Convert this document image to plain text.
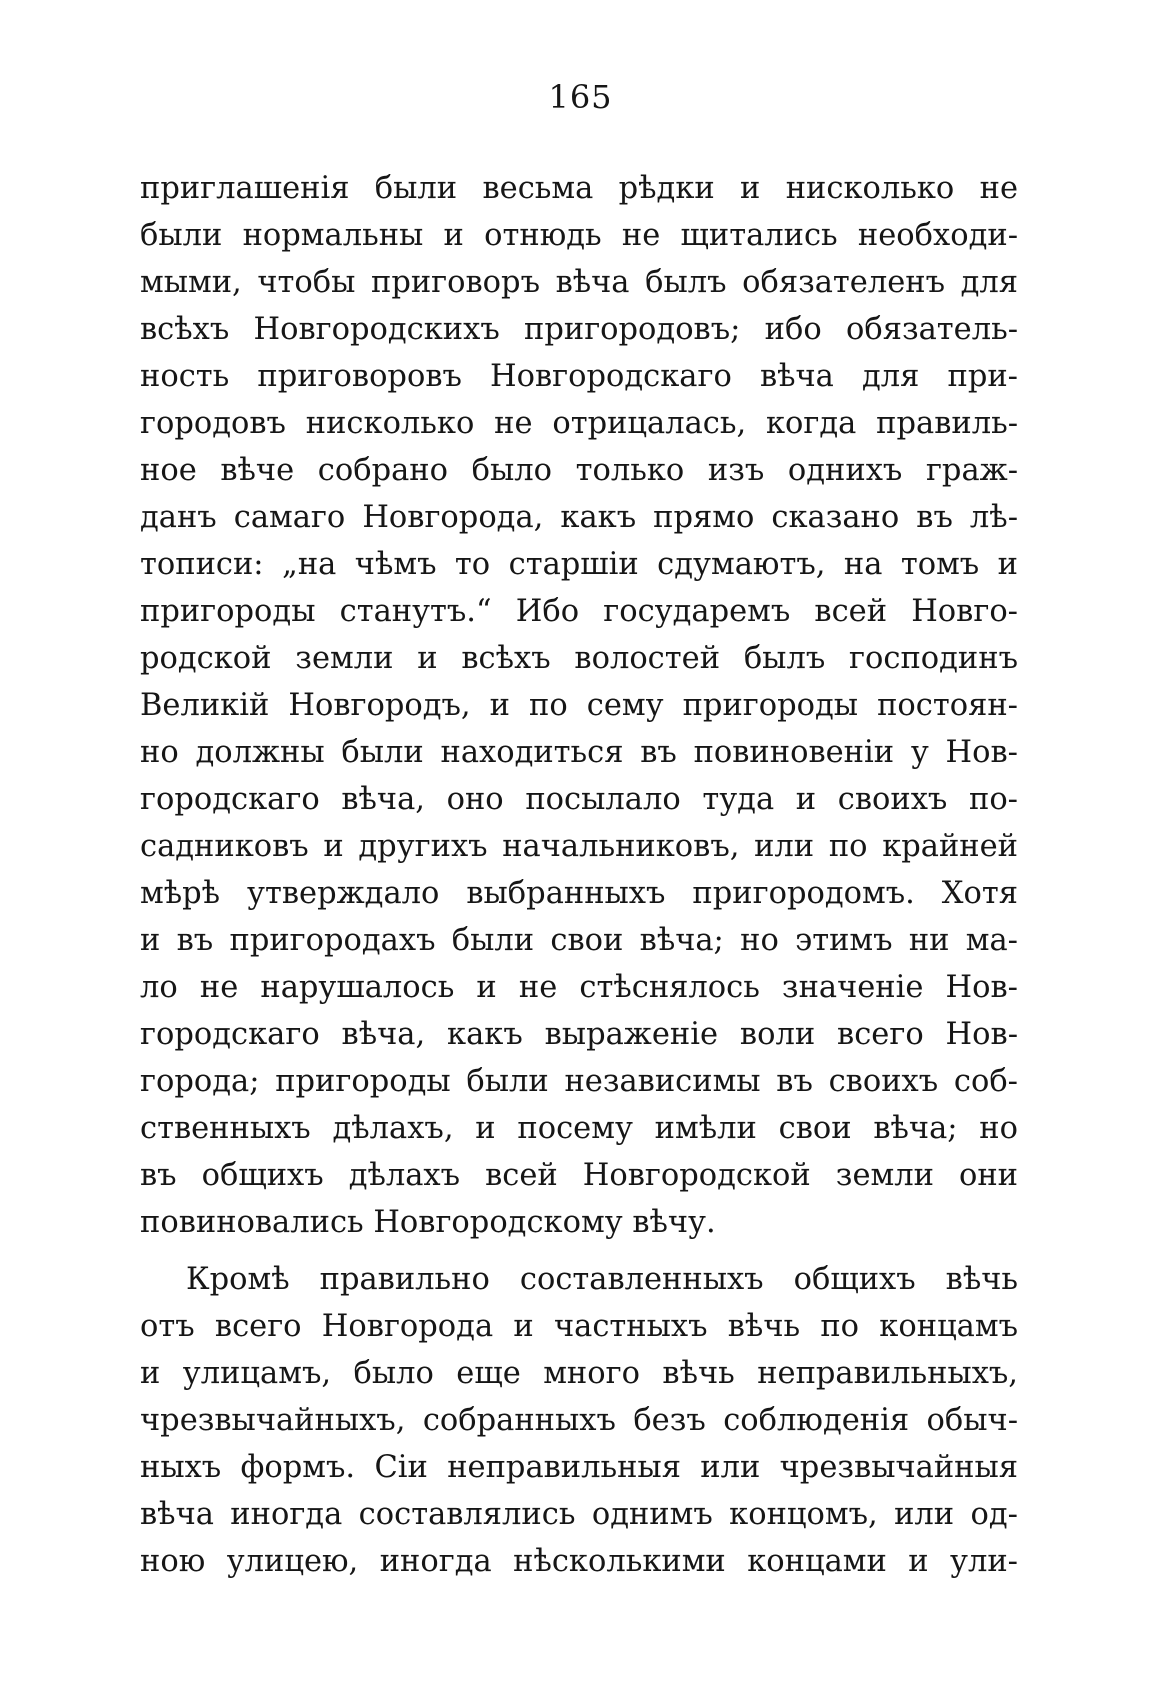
165
приглашенія были весьма рѣдки и нисколько не
были нормальны и отнюдь не щитались необходи-
мыми, чтобы приговоръ вѣча былъ обязателенъ для
всѣхъ Новгородскихъ пригородовъ; ибо обязатель-
ность приговоровъ Новгородскаго вѣча для при-
городовъ нисколько не отрицалась, когда правиль-
ное вѣче собрано было только изъ однихъ граж-
данъ самаго Новгорода, какъ прямо сказано въ лѣ-
тописи: „на чѣмъ то старшіи сдумаютъ, на томъ и
пригороды станутъ.“ Ибо государемъ всей Новго-
родской земли и всѣхъ волостей былъ господинъ
Великій Новгородъ, и по сему пригороды постоян-
но должны были находиться въ повиновеніи у Нов-
городскаго вѣча, оно посылало туда и своихъ по-
садниковъ и другихъ начальниковъ, или по крайней
мѣрѣ утверждало выбранныхъ пригородомъ. Хотя
и въ пригородахъ были свои вѣча; но этимъ ни ма-
ло не нарушалось и не стѣснялось значеніе Нов-
городскаго вѣча, какъ выраженіе воли всего Нов-
города; пригороды были независимы въ своихъ соб-
ственныхъ дѣлахъ, и посему имѣли свои вѣча; но
въ общихъ дѣлахъ всей Новгородской земли они
повиновались Новгородскому вѣчу.
Кромѣ правильно составленныхъ общихъ вѣчь
отъ всего Новгорода и частныхъ вѣчь по концамъ
и улицамъ, было еще много вѣчь неправильныхъ,
чрезвычайныхъ, собранныхъ безъ соблюденія обыч-
ныхъ формъ. Сіи неправильныя или чрезвычайныя
вѣча иногда составлялись однимъ концомъ, или од-
ною улицею, иногда нѣсколькими концами и ули-
